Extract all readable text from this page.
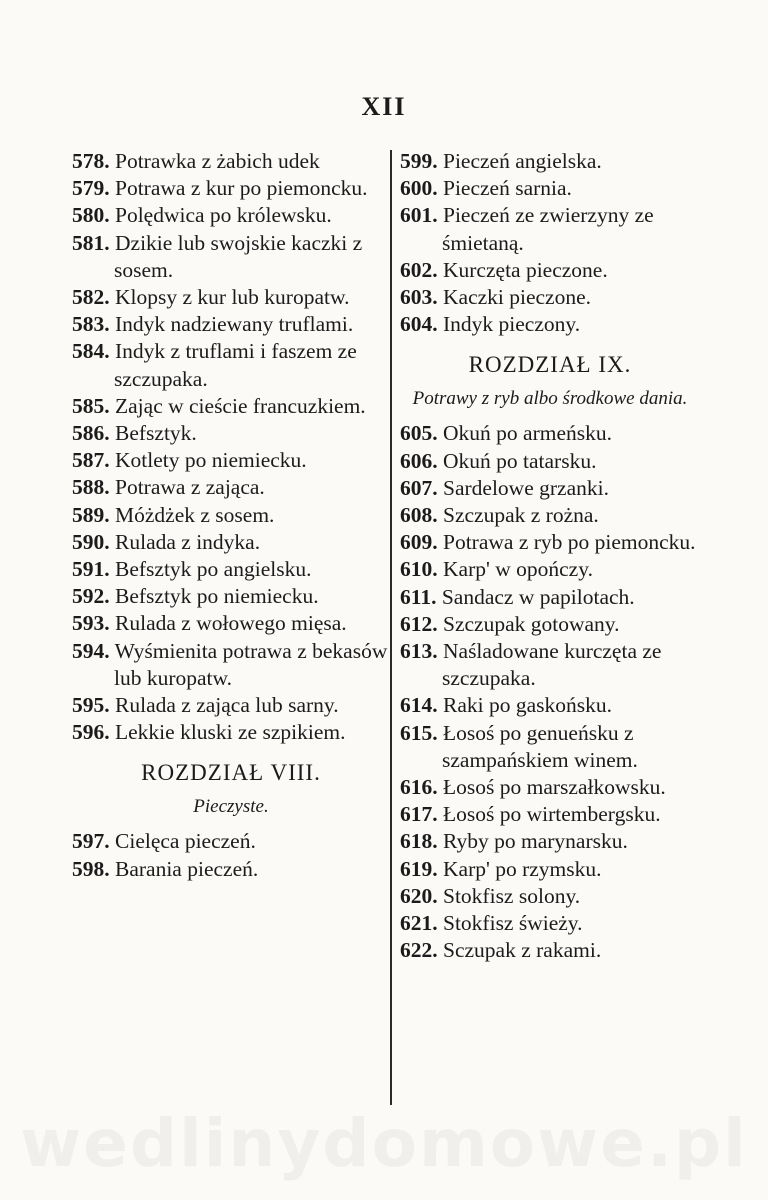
XII

578. Potrawka z żabich udek

579. Potrawa z kur po piemoncku.

580. Polędwica po królewsku.

581. Dzikie lub swojskie kaczki z sosem.

582. Klopsy z kur lub kuropatw.

583. Indyk nadziewany truflami.

584. Indyk z truflami i faszem ze szczupaka.

585. Zając w cieście francuzkiem.

586. Befsztyk.

587. Kotlety po niemiecku.

588. Potrawa z zająca.

589. Móżdżek z sosem.

590. Rulada z indyka.

591. Befsztyk po angielsku.

592. Befsztyk po niemiecku.

593. Rulada z wołowego mięsa.

594. Wyśmienita potrawa z bekasów lub kuropatw.

595. Rulada z zająca lub sarny.

596. Lekkie kluski ze szpikiem.

ROZDZIAŁ VIII.
Pieczyste.

597. Cielęca pieczeń.

598. Barania pieczeń.

599. Pieczeń angielska.

600. Pieczeń sarnia.

601. Pieczeń ze zwierzyny ze śmietaną.

602. Kurczęta pieczone.

603. Kaczki pieczone.

604. Indyk pieczony.

ROZDZIAŁ IX.
Potrawy z ryb albo środkowe dania.

605. Okuń po armeńsku.

606. Okuń po tatarsku.

607. Sardelowe grzanki.

608. Szczupak z rożna.

609. Potrawa z ryb po piemoncku.

610. Karp' w opończy.

611. Sandacz w papilotach.

612. Szczupak gotowany.

613. Naśladowane kurczęta ze szczupaka.

614. Raki po gaskońsku.

615. Łosoś po genueńsku z szampańskiem winem.

616. Łosoś po marszałkowsku.

617. Łosoś po wirtembergsku.

618. Ryby po marynarsku.

619. Karp' po rzymsku.

620. Stokfisz solony.

621. Stokfisz świeży.

622. Sczupak z rakami.
